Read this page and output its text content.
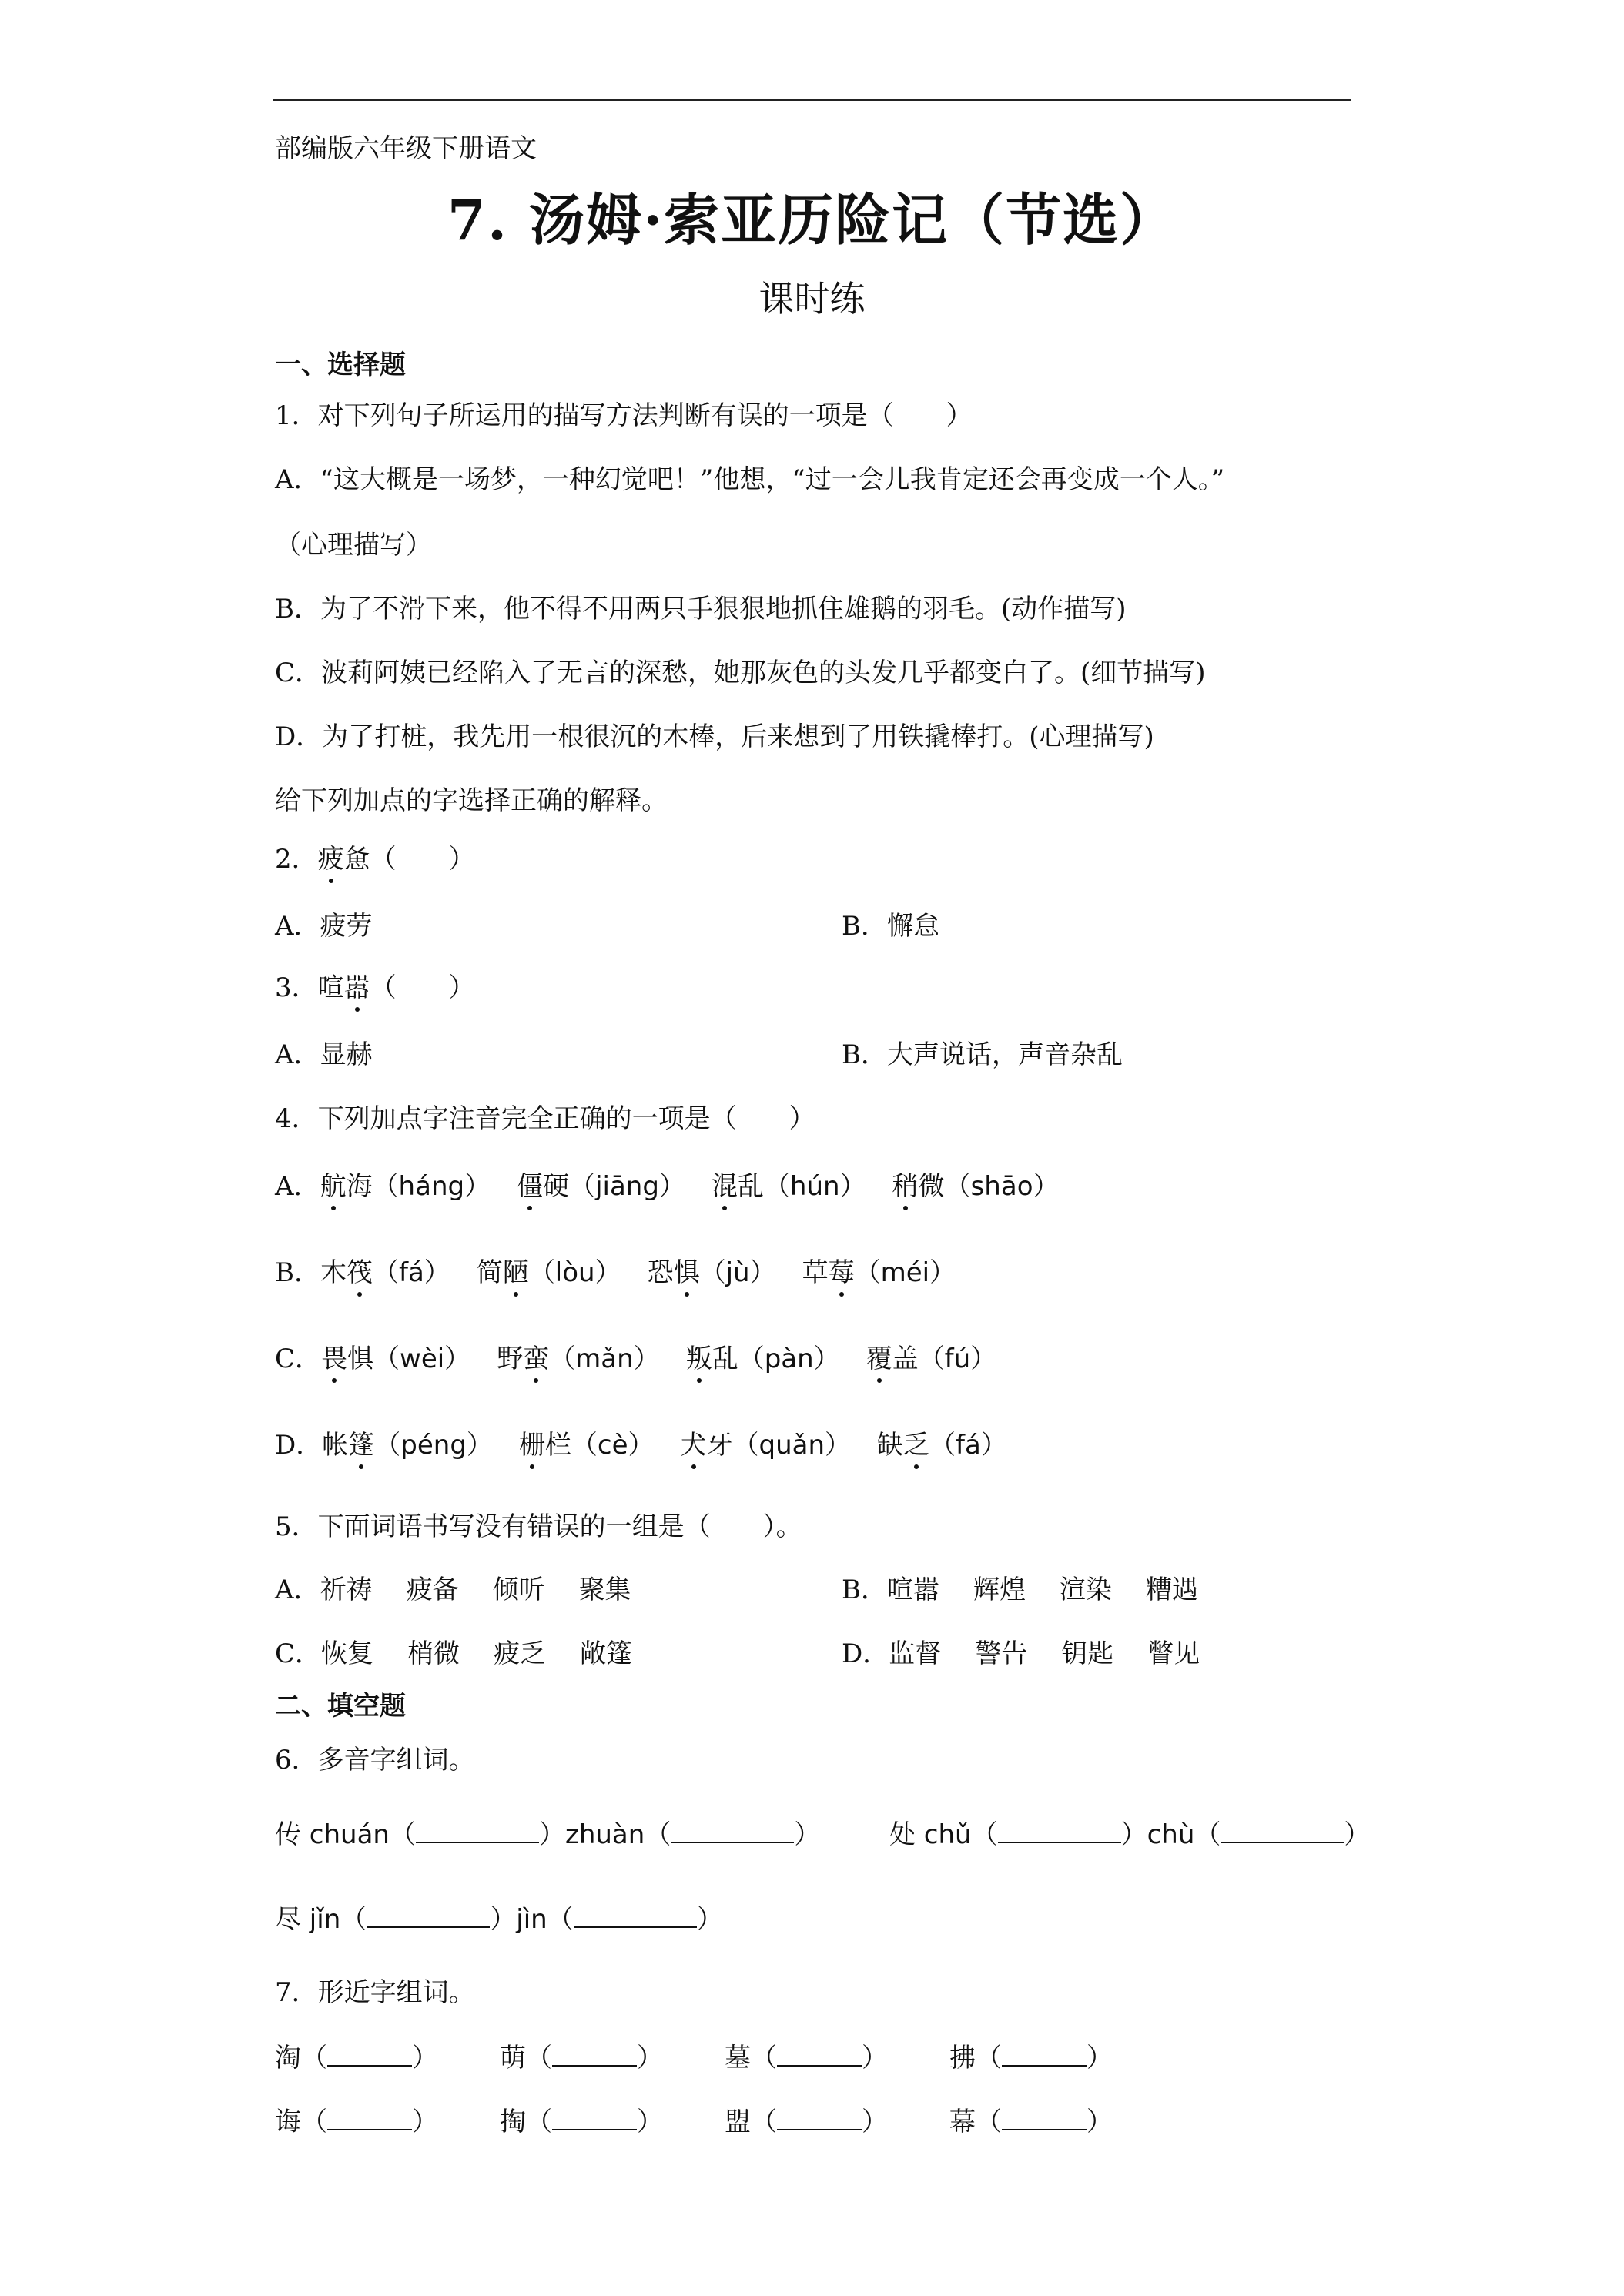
部编版六年级下册语文
7. 汤姆·索亚历险记（节选）
课时练
一、选择题
1．对下列句子所运用的描写方法判断有误的一项是（　　）
A．“这大概是一场梦，一种幻觉吧！”他想，“过一会儿我肯定还会再变成一个人。”
（心理描写）
B．为了不滑下来，他不得不用两只手狠狠地抓住雄鹅的羽毛。(动作描写)
C．波莉阿姨已经陷入了无言的深愁，她那灰色的头发几乎都变白了。(细节描写)
D．为了打桩，我先用一根很沉的木棒，后来想到了用铁撬棒打。(心理描写)
给下列加点的字选择正确的解释。
2．疲惫（　　）
A．疲劳	B．懈怠
3．喧嚣（　　）
A．显赫	B．大声说话，声音杂乱
4．下列加点字注音完全正确的一项是（　　）
A．航海（háng） 僵硬（jiāng） 混乱（hún） 稍微（shāo）
B．木筏（fá） 简陋（lòu） 恐惧（jù） 草莓（méi）
C．畏惧（wèi） 野蛮（mǎn） 叛乱（pàn） 覆盖（fú）
D．帐篷（péng） 栅栏（cè） 犬牙（quǎn） 缺乏（fá）
5．下面词语书写没有错误的一组是（　　）。
A．祈祷 疲备 倾听 聚集	B．喧嚣 辉煌 渲染 糟遇
C．恢复 梢微 疲乏 敞篷	D．监督 警告 钥匙 瞥见
二、填空题
6．多音字组词。
传 chuán（	）zhuàn（	）	处 chǔ（	）chù（	）
尽 jǐn（	）jìn（	）
7．形近字组词。
淘（	） 萌（	） 墓（	） 拂（	）
诲（	） 掏（	） 盟（	） 幕（	）
